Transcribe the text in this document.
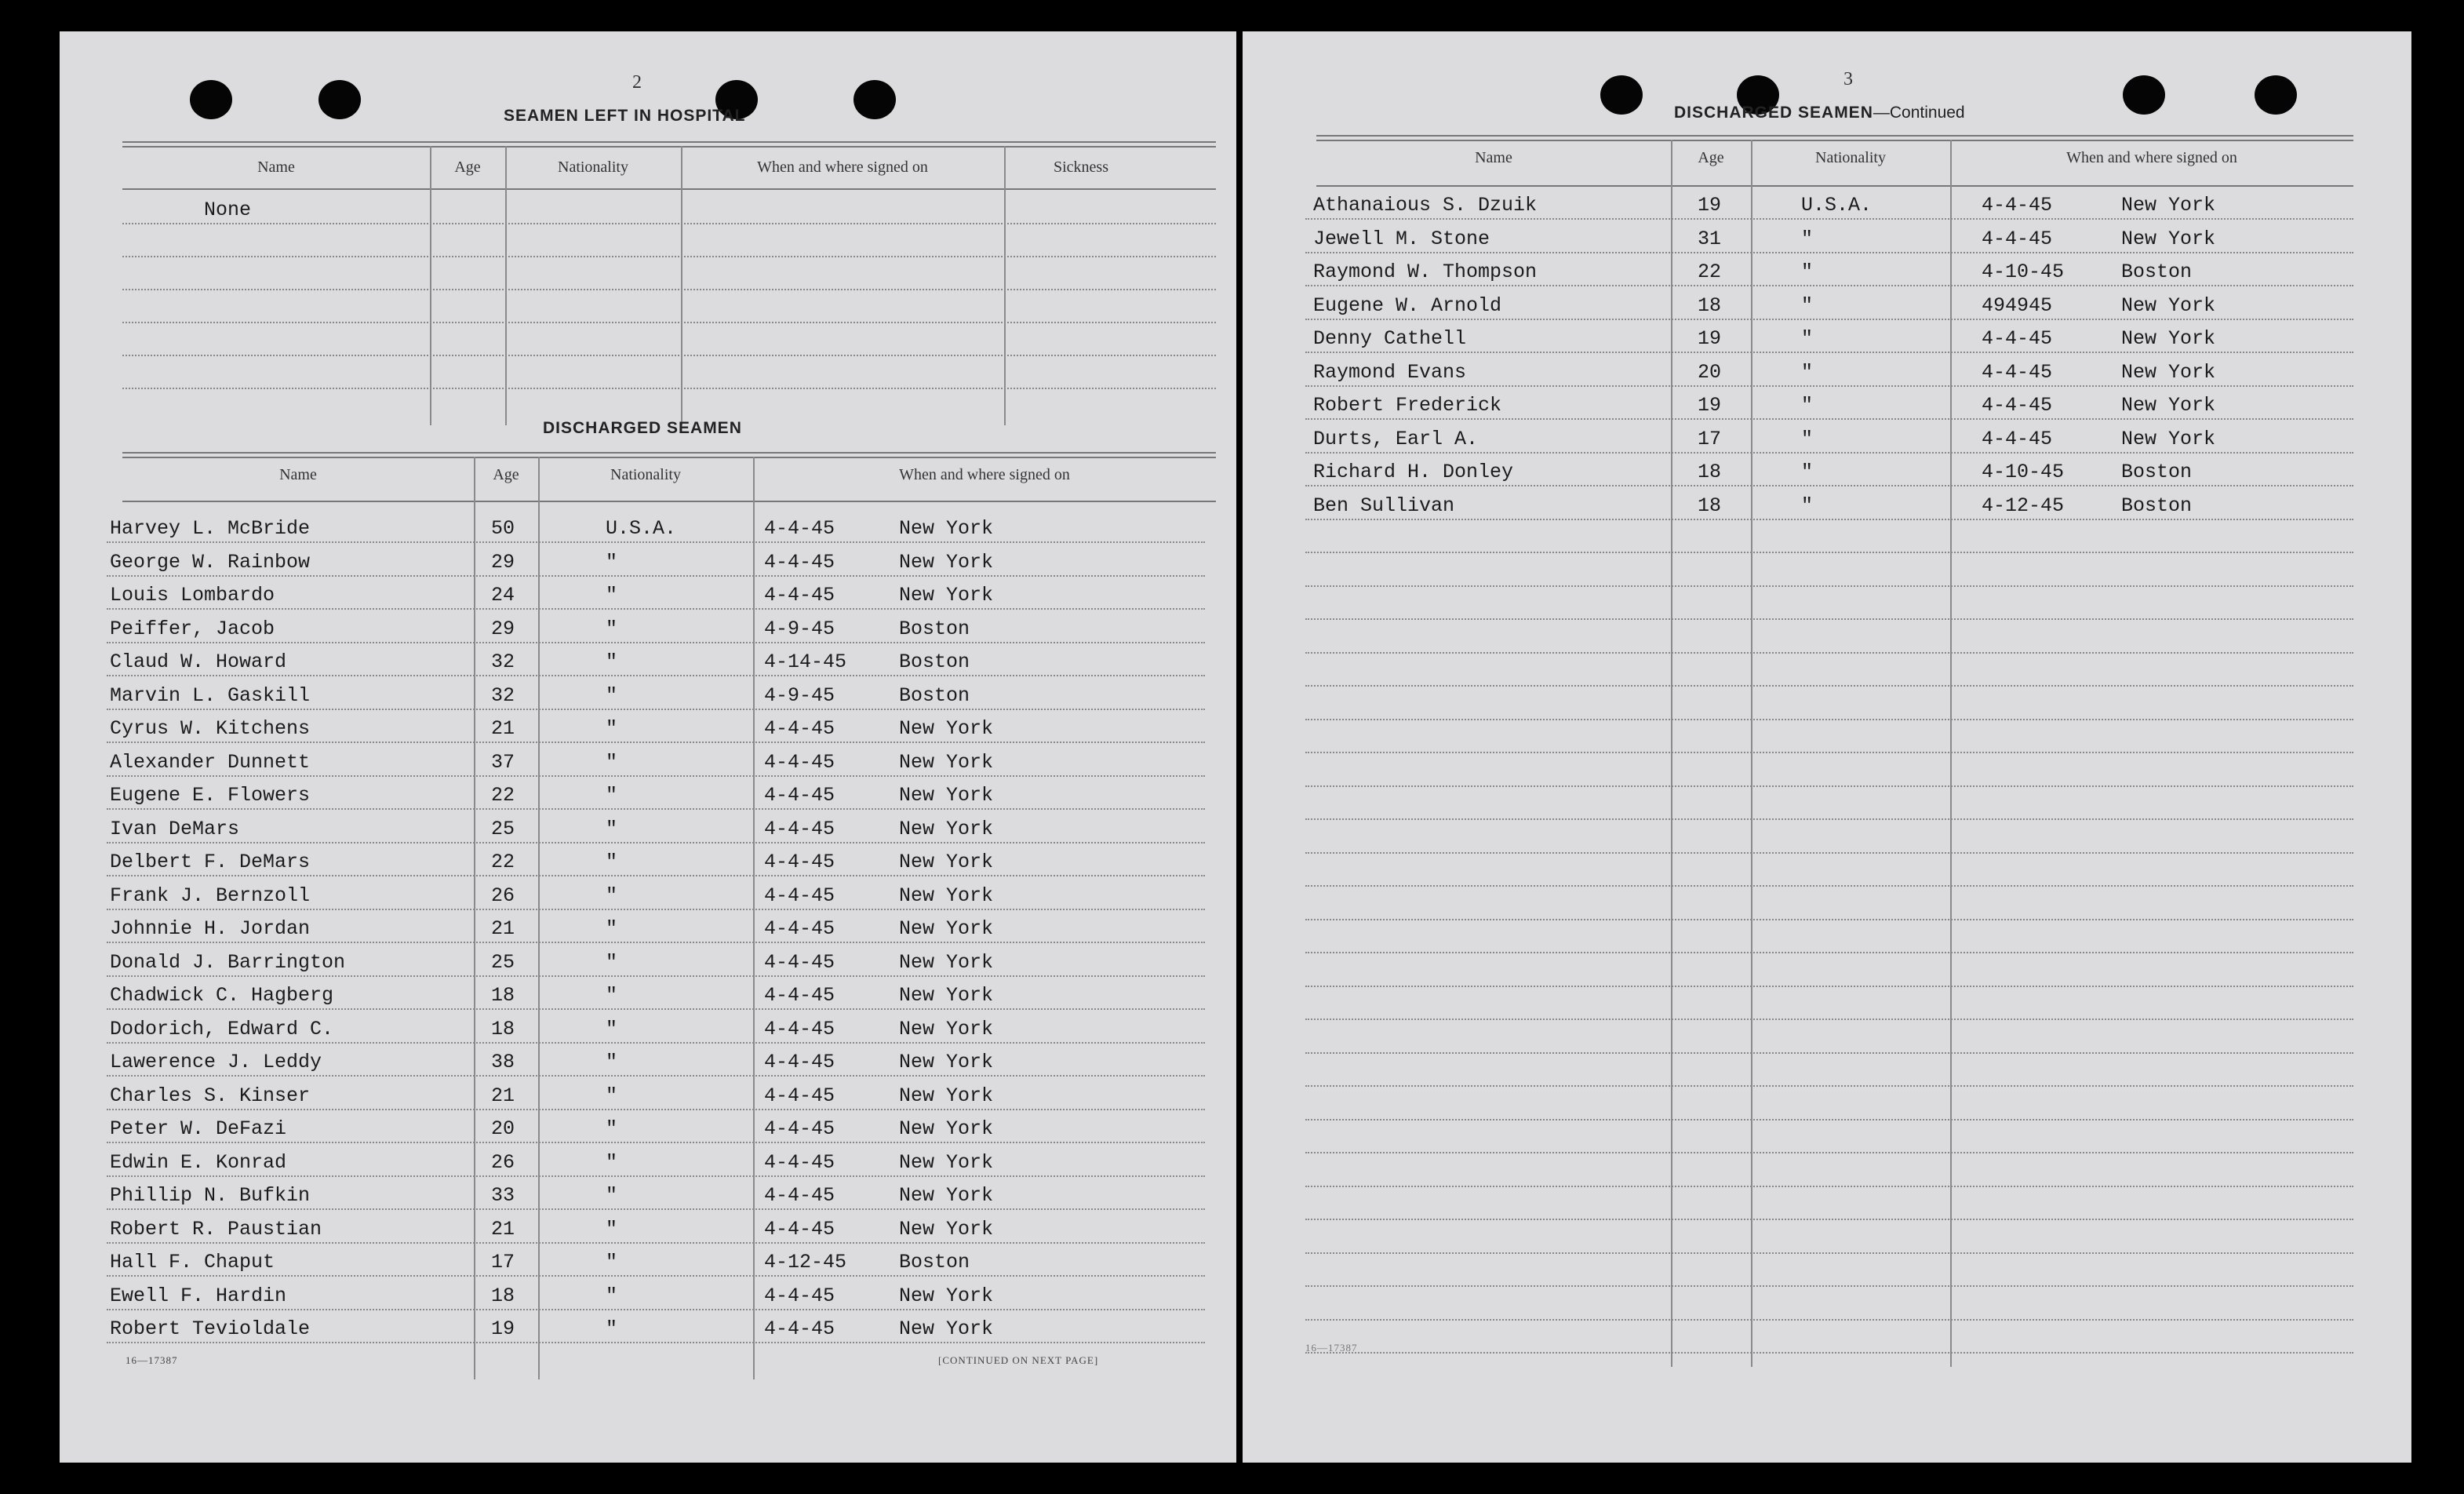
2
SEAMEN LEFT IN HOSPITAL
Name	Age	Nationality	When and where signed on	Sickness
None
DISCHARGED SEAMEN
Name	Age	Nationality	When and where signed on
Harvey L. McBride	50	U.S.A.	4-4-45	New York
George W. Rainbow	29	"	4-4-45	New York
Louis Lombardo	24	"	4-4-45	New York
Peiffer, Jacob	29	"	4-9-45	Boston
Claud W. Howard	32	"	4-14-45	Boston
Marvin L. Gaskill	32	"	4-9-45	Boston
Cyrus W. Kitchens	21	"	4-4-45	New York
Alexander Dunnett	37	"	4-4-45	New York
Eugene E. Flowers	22	"	4-4-45	New York
Ivan DeMars	25	"	4-4-45	New York
Delbert F. DeMars	22	"	4-4-45	New York
Frank J. Bernzoll	26	"	4-4-45	New York
Johnnie H. Jordan	21	"	4-4-45	New York
Donald J. Barrington	25	"	4-4-45	New York
Chadwick C. Hagberg	18	"	4-4-45	New York
Dodorich, Edward C.	18	"	4-4-45	New York
Lawerence J. Leddy	38	"	4-4-45	New York
Charles S. Kinser	21	"	4-4-45	New York
Peter W. DeFazi	20	"	4-4-45	New York
Edwin E. Konrad	26	"	4-4-45	New York
Phillip N. Bufkin	33	"	4-4-45	New York
Robert R. Paustian	21	"	4-4-45	New York
Hall F. Chaput	17	"	4-12-45	Boston
Ewell F. Hardin	18	"	4-4-45	New York
Robert Tevioldale	19	"	4-4-45	New York
16—17387	[CONTINUED ON NEXT PAGE]
3
DISCHARGED SEAMEN—Continued
Name	Age	Nationality	When and where signed on
Athanaious S. Dzuik	19	U.S.A.	4-4-45	New York
Jewell M. Stone	31	"	4-4-45	New York
Raymond W. Thompson	22	"	4-10-45	Boston
Eugene W. Arnold	18	"	494945	New York
Denny Cathell	19	"	4-4-45	New York
Raymond Evans	20	"	4-4-45	New York
Robert Frederick	19	"	4-4-45	New York
Durts, Earl A.	17	"	4-4-45	New York
Richard H. Donley	18	"	4-10-45	Boston
Ben Sullivan	18	"	4-12-45	Boston
16—17387
